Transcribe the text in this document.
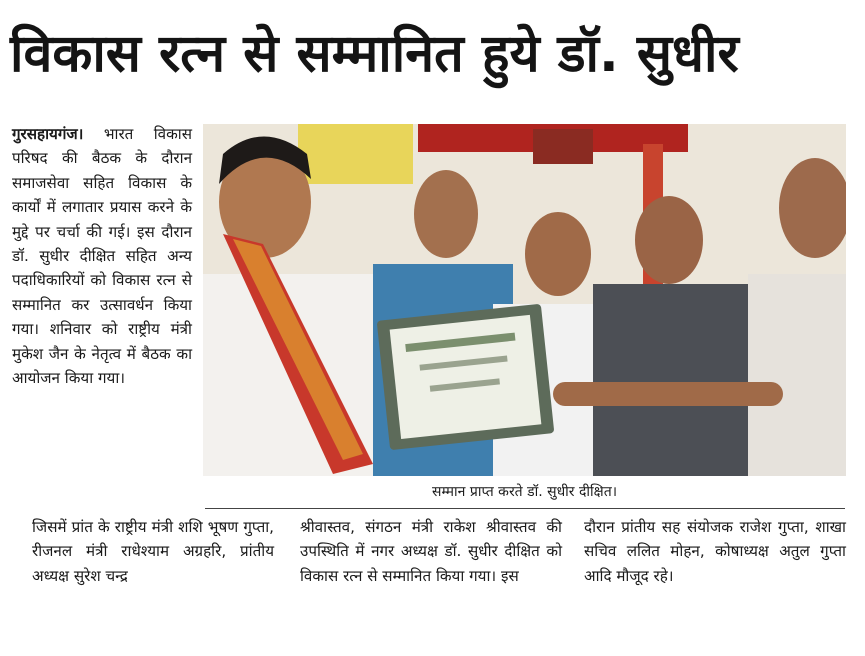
विकास रत्न से सम्मानित हुये डॉ. सुधीर

गुरसहायगंज। भारत विकास परिषद की बैठक के दौरान समाजसेवा सहित विकास के कार्यों में लगातार प्रयास करने के मुद्दे पर चर्चा की गई। इस दौरान डॉ. सुधीर दीक्षित सहित अन्य पदाधिकारियों को विकास रत्न से सम्मानित कर उत्सावर्धन किया गया। शनिवार को राष्ट्रीय मंत्री मुकेश जैन के नेतृत्व में बैठक का आयोजन किया गया।

सम्मान प्राप्त करते डॉ. सुधीर दीक्षित।

जिसमें प्रांत के राष्ट्रीय मंत्री शशि भूषण गुप्ता, रीजनल मंत्री राधेश्याम अग्रहरि, प्रांतीय अध्यक्ष सुरेश चन्द्र

श्रीवास्तव, संगठन मंत्री राकेश श्रीवास्तव की उपस्थिति में नगर अध्यक्ष डॉ. सुधीर दीक्षित को विकास रत्न से सम्मानित किया गया। इस

दौरान प्रांतीय सह संयोजक राजेश गुप्ता, शाखा सचिव ललित मोहन, कोषाध्यक्ष अतुल गुप्ता आदि मौजूद रहे।
